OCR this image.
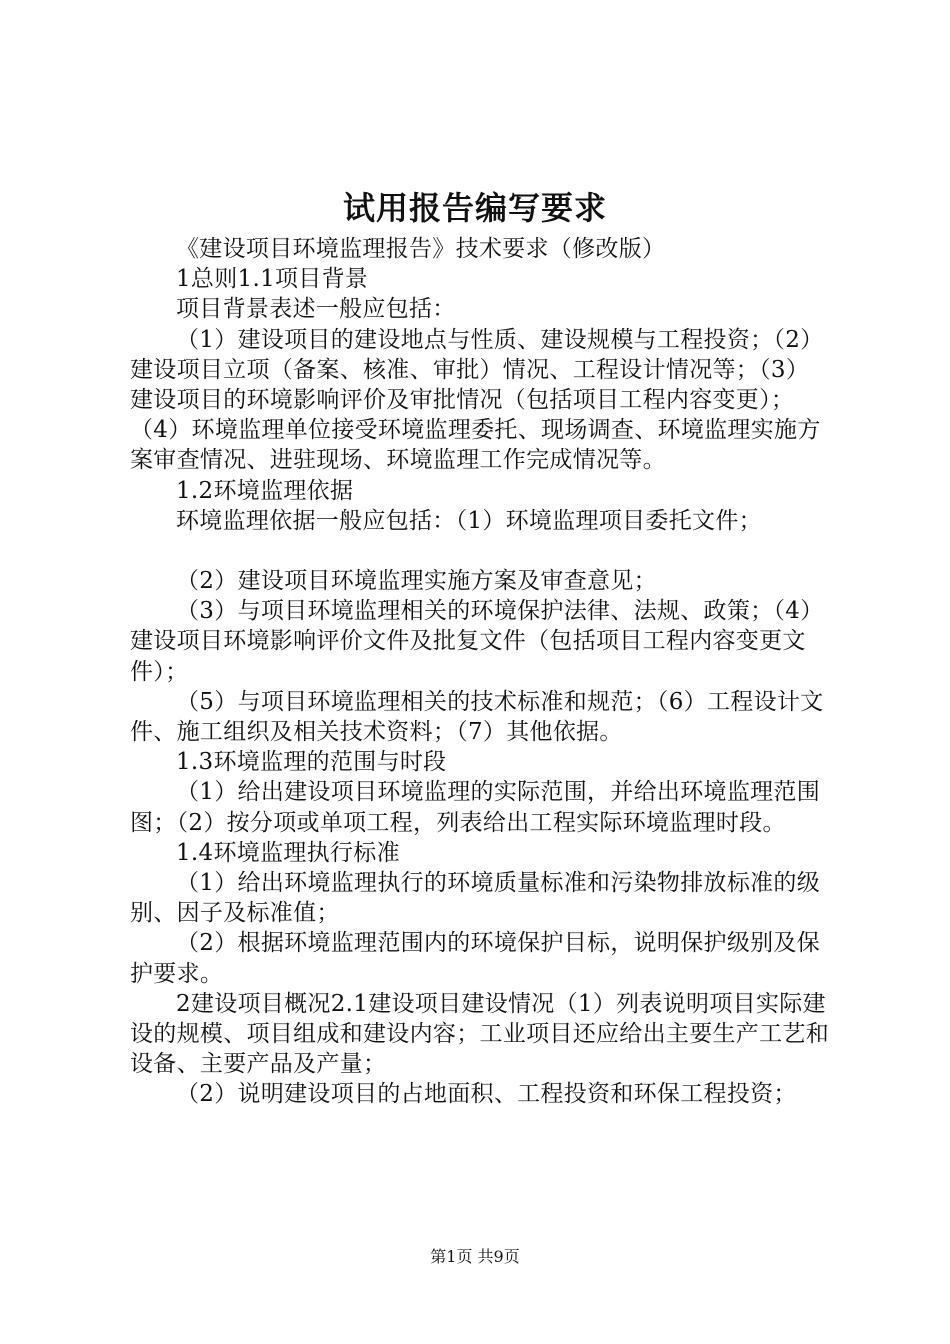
试用报告编写要求

《建设项目环境监理报告》技术要求（修改版）

1总则1.1项目背景

项目背景表述一般应包括：

（1）建设项目的建设地点与性质、建设规模与工程投资；（2）建设项目立项（备案、核准、审批）情况、工程设计情况等；（3）建设项目的环境影响评价及审批情况（包括项目工程内容变更）；（4）环境监理单位接受环境监理委托、现场调查、环境监理实施方案审查情况、进驻现场、环境监理工作完成情况等。

1.2环境监理依据

环境监理依据一般应包括：（1）环境监理项目委托文件；

（2）建设项目环境监理实施方案及审查意见；

（3）与项目环境监理相关的环境保护法律、法规、政策；（4）建设项目环境影响评价文件及批复文件（包括项目工程内容变更文件）；

（5）与项目环境监理相关的技术标准和规范；（6）工程设计文件、施工组织及相关技术资料；（7）其他依据。

1.3环境监理的范围与时段

（1）给出建设项目环境监理的实际范围，并给出环境监理范围图；（2）按分项或单项工程，列表给出工程实际环境监理时段。

1.4环境监理执行标准

（1）给出环境监理执行的环境质量标准和污染物排放标准的级别、因子及标准值；

（2）根据环境监理范围内的环境保护目标，说明保护级别及保护要求。

2建设项目概况2.1建设项目建设情况（1）列表说明项目实际建设的规模、项目组成和建设内容；工业项目还应给出主要生产工艺和设备、主要产品及产量；

（2）说明建设项目的占地面积、工程投资和环保工程投资；

第1页 共9页
